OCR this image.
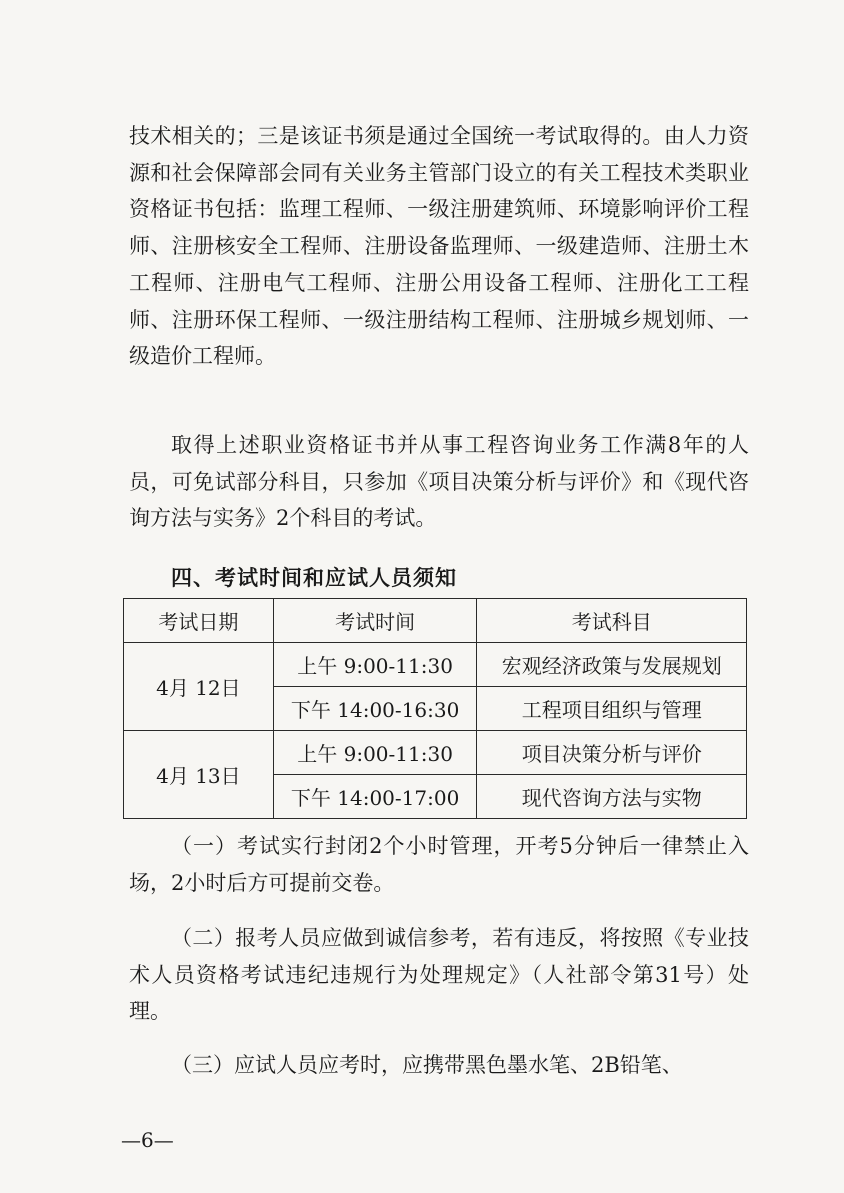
技术相关的；三是该证书须是通过全国统一考试取得的。由人力资源和社会保障部会同有关业务主管部门设立的有关工程技术类职业资格证书包括：监理工程师、一级注册建筑师、环境影响评价工程师、注册核安全工程师、注册设备监理师、一级建造师、注册土木工程师、注册电气工程师、注册公用设备工程师、注册化工工程师、注册环保工程师、一级注册结构工程师、注册城乡规划师、一级造价工程师。

取得上述职业资格证书并从事工程咨询业务工作满8年的人员，可免试部分科目，只参加《项目决策分析与评价》和《现代咨询方法与实务》2个科目的考试。

四、考试时间和应试人员须知
考试日期	考试时间	考试科目
4月 12日	上午 9:00-11:30	宏观经济政策与发展规划
	下午 14:00-16:30	工程项目组织与管理
4月 13日	上午 9:00-11:30	项目决策分析与评价
	下午 14:00-17:00	现代咨询方法与实物

（一）考试实行封闭2个小时管理，开考5分钟后一律禁止入场，2小时后方可提前交卷。

（二）报考人员应做到诚信参考，若有违反，将按照《专业技术人员资格考试违纪违规行为处理规定》（人社部令第31号）处理。

（三）应试人员应考时，应携带黑色墨水笔、2B铅笔、

—6—
